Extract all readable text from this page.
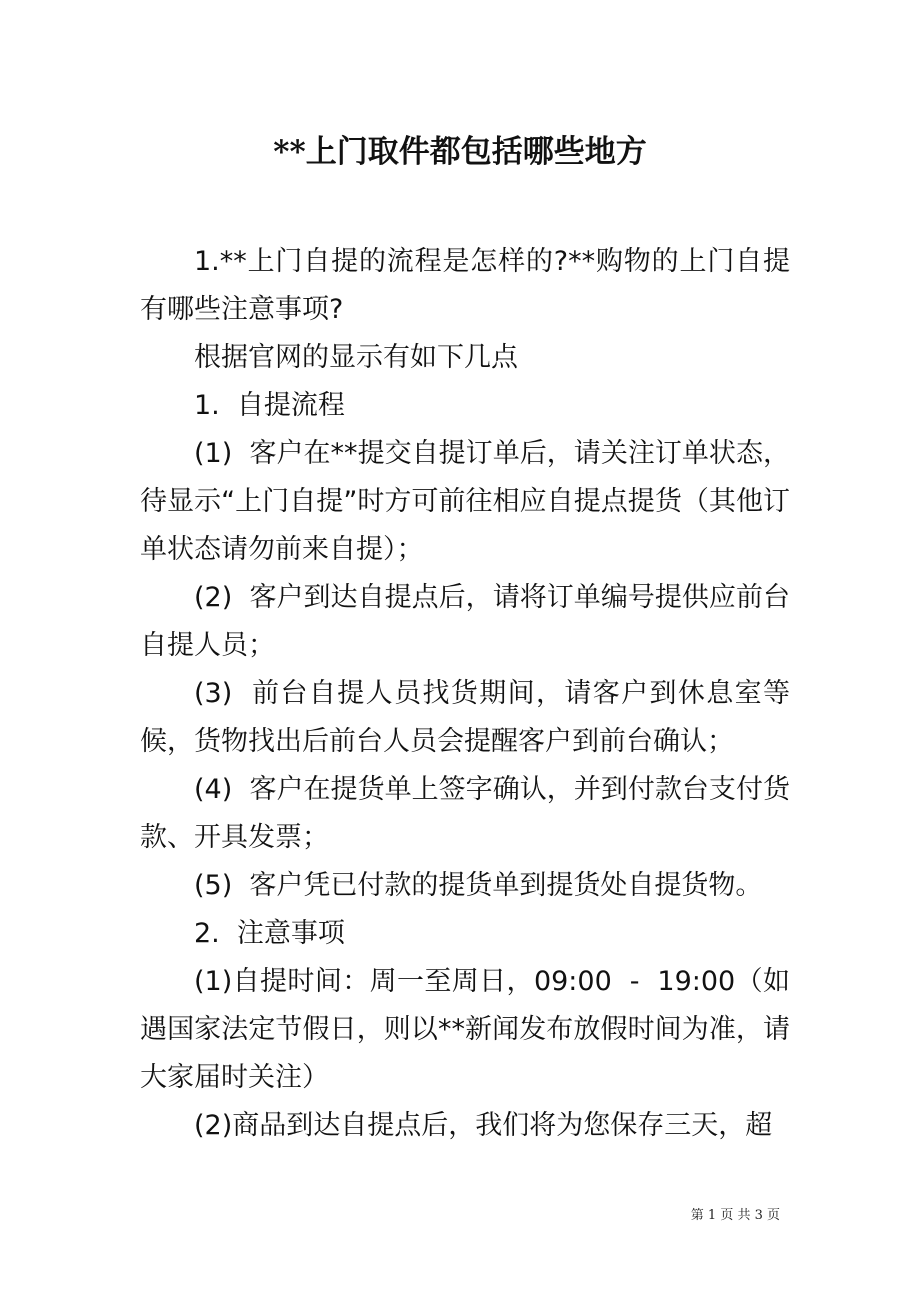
**上门取件都包括哪些地方

1.**上门自提的流程是怎样的?**购物的上门自提有哪些注意事项?

根据官网的显示有如下几点

1.  自提流程

(1)  客户在**提交自提订单后，请关注订单状态，待显示“上门自提”时方可前往相应自提点提货（其他订单状态请勿前来自提）；

(2)  客户到达自提点后，请将订单编号提供应前台自提人员；

(3)  前台自提人员找货期间，请客户到休息室等候，货物找出后前台人员会提醒客户到前台确认；

(4)  客户在提货单上签字确认，并到付款台支付货款、开具发票；

(5)  客户凭已付款的提货单到提货处自提货物。

2.  注意事项

(1)自提时间：周一至周日，09:00  -  19:00（如遇国家法定节假日，则以**新闻发布放假时间为准，请大家届时关注）

(2)商品到达自提点后，我们将为您保存三天，超

第 1 页 共 3 页
